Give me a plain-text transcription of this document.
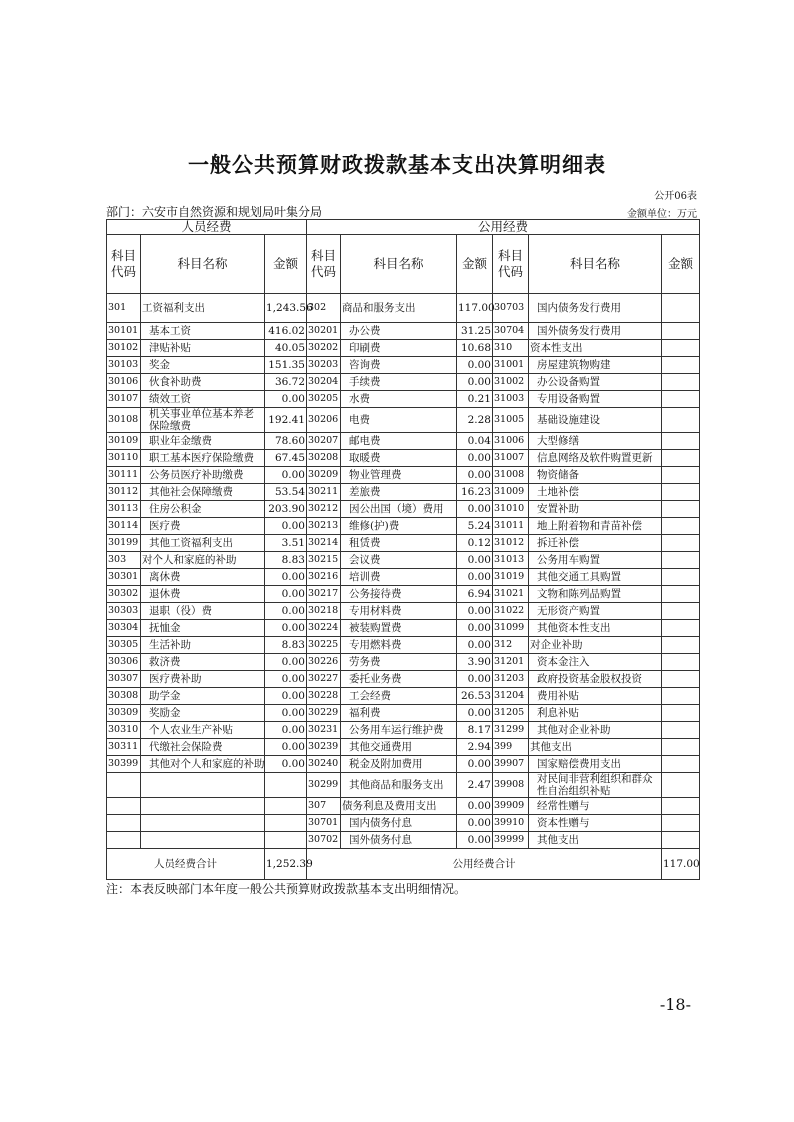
一般公共预算财政拨款基本支出决算明细表
公开06表
部门：六安市自然资源和规划局叶集分局	金额单位：万元
人员经费			公用经费					
科目代码	科目名称	金额	科目代码	科目名称	金额	科目代码	科目名称	金额
301	工资福利支出	1,243.56	302	商品和服务支出	117.00	30703	国内债务发行费用	
30101	基本工资	416.02	30201	办公费	31.25	30704	国外债务发行费用	
30102	津贴补贴	40.05	30202	印刷费	10.68	310	资本性支出	
30103	奖金	151.35	30203	咨询费	0.00	31001	房屋建筑物购建	
30106	伙食补助费	36.72	30204	手续费	0.00	31002	办公设备购置	
30107	绩效工资	0.00	30205	水费	0.21	31003	专用设备购置	
30108	机关事业单位基本养老保险缴费	192.41	30206	电费	2.28	31005	基础设施建设	
30109	职业年金缴费	78.60	30207	邮电费	0.04	31006	大型修缮	
30110	职工基本医疗保险缴费	67.45	30208	取暖费	0.00	31007	信息网络及软件购置更新	
30111	公务员医疗补助缴费	0.00	30209	物业管理费	0.00	31008	物资储备	
30112	其他社会保障缴费	53.54	30211	差旅费	16.23	31009	土地补偿	
30113	住房公积金	203.90	30212	因公出国（境）费用	0.00	31010	安置补助	
30114	医疗费	0.00	30213	维修(护)费	5.24	31011	地上附着物和青苗补偿	
30199	其他工资福利支出	3.51	30214	租赁费	0.12	31012	拆迁补偿	
303	对个人和家庭的补助	8.83	30215	会议费	0.00	31013	公务用车购置	
30301	离休费	0.00	30216	培训费	0.00	31019	其他交通工具购置	
30302	退休费	0.00	30217	公务接待费	6.94	31021	文物和陈列品购置	
30303	退职（役）费	0.00	30218	专用材料费	0.00	31022	无形资产购置	
30304	抚恤金	0.00	30224	被装购置费	0.00	31099	其他资本性支出	
30305	生活补助	8.83	30225	专用燃料费	0.00	312	对企业补助	
30306	救济费	0.00	30226	劳务费	3.90	31201	资本金注入	
30307	医疗费补助	0.00	30227	委托业务费	0.00	31203	政府投资基金股权投资	
30308	助学金	0.00	30228	工会经费	26.53	31204	费用补贴	
30309	奖励金	0.00	30229	福利费	0.00	31205	利息补贴	
30310	个人农业生产补贴	0.00	30231	公务用车运行维护费	8.17	31299	其他对企业补助	
30311	代缴社会保险费	0.00	30239	其他交通费用	2.94	399	其他支出	
30399	其他对个人和家庭的补助	0.00	30240	税金及附加费用	0.00	39907	国家赔偿费用支出	
			30299	其他商品和服务支出	2.47	39908	对民间非营利组织和群众性自治组织补贴	
			307	债务利息及费用支出	0.00	39909	经常性赠与	
			30701	国内债务付息	0.00	39910	资本性赠与	
			30702	国外债务付息	0.00	39999	其他支出	
人员经费合计		1,252.39	公用经费合计					117.00
注：本表反映部门本年度一般公共预算财政拨款基本支出明细情况。
-18-
